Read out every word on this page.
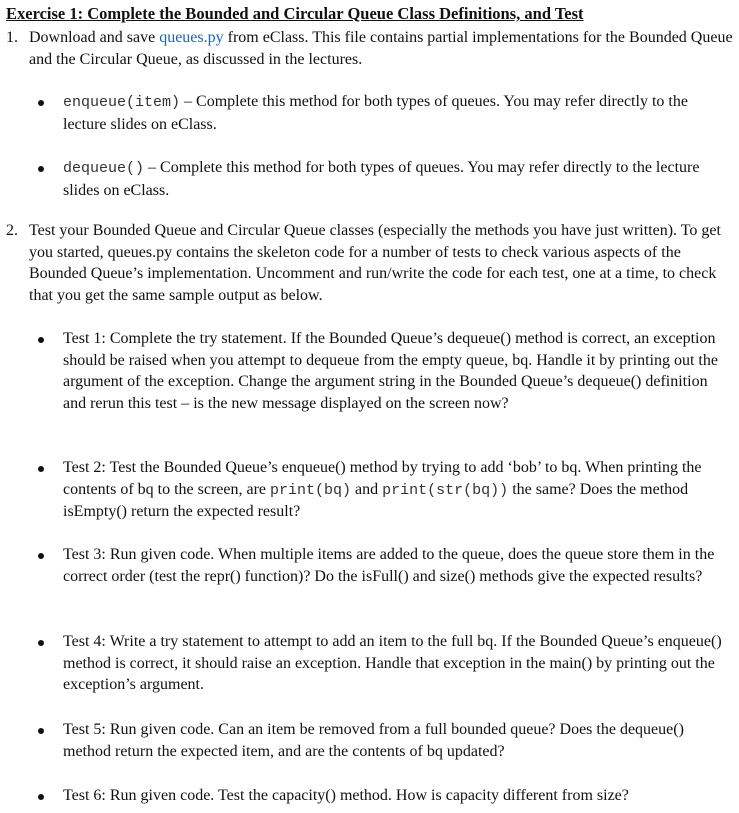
Exercise 1: Complete the Bounded and Circular Queue Class Definitions, and Test
1. Download and save queues.py from eClass. This file contains partial implementations for the Bounded Queue and the Circular Queue, as discussed in the lectures.
enqueue(item) – Complete this method for both types of queues. You may refer directly to the lecture slides on eClass.
dequeue() – Complete this method for both types of queues. You may refer directly to the lecture slides on eClass.
2. Test your Bounded Queue and Circular Queue classes (especially the methods you have just written). To get you started, queues.py contains the skeleton code for a number of tests to check various aspects of the Bounded Queue’s implementation. Uncomment and run/write the code for each test, one at a time, to check that you get the same sample output as below.
Test 1: Complete the try statement. If the Bounded Queue’s dequeue() method is correct, an exception should be raised when you attempt to dequeue from the empty queue, bq. Handle it by printing out the argument of the exception. Change the argument string in the Bounded Queue’s dequeue() definition and rerun this test – is the new message displayed on the screen now?
Test 2: Test the Bounded Queue’s enqueue() method by trying to add ‘bob’ to bq. When printing the contents of bq to the screen, are print(bq) and print(str(bq)) the same? Does the method isEmpty() return the expected result?
Test 3: Run given code. When multiple items are added to the queue, does the queue store them in the correct order (test the repr() function)? Do the isFull() and size() methods give the expected results?
Test 4: Write a try statement to attempt to add an item to the full bq. If the Bounded Queue’s enqueue() method is correct, it should raise an exception. Handle that exception in the main() by printing out the exception’s argument.
Test 5: Run given code. Can an item be removed from a full bounded queue? Does the dequeue() method return the expected item, and are the contents of bq updated?
Test 6: Run given code. Test the capacity() method. How is capacity different from size?
